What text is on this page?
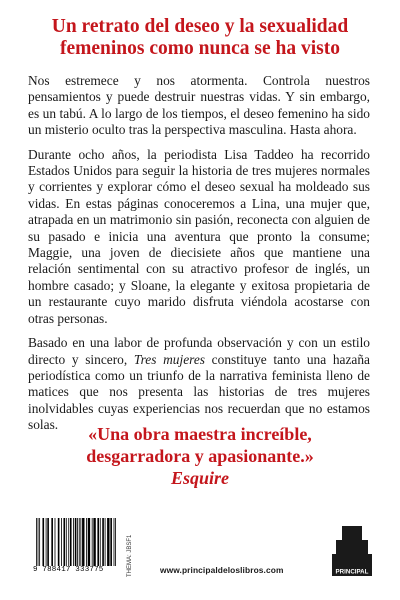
Un retrato del deseo y la sexualidad
femeninos como nunca se ha visto

Nos estremece y nos atormenta. Controla nuestros pensamientos y puede destruir nuestras vidas. Y sin embargo, es un tabú. A lo largo de los tiempos, el deseo femenino ha sido un misterio oculto tras la perspectiva masculina. Hasta ahora.

Durante ocho años, la periodista Lisa Taddeo ha recorrido Estados Unidos para seguir la historia de tres mujeres normales y corrientes y explorar cómo el deseo sexual ha moldeado sus vidas. En estas páginas conoceremos a Lina, una mujer que, atrapada en un matrimonio sin pasión, reconecta con alguien de su pasado e inicia una aventura que pronto la consume; Maggie, una joven de diecisiete años que mantiene una relación sentimental con su atractivo profesor de inglés, un hombre casado; y Sloane, la elegante y exitosa propietaria de un restaurante cuyo marido disfruta viéndola acostarse con otras personas.

Basado en una labor de profunda observación y con un estilo directo y sincero, Tres mujeres constituye tanto una hazaña periodística como un triunfo de la narrativa feminista lleno de matices que nos presenta las historias de tres mujeres inolvidables cuyas experiencias nos recuerdan que no estamos solas.	«Una obra maestra increíble,
desgarradora y apasionante.»
Esquire
9 788417 333775	THEMA: JBSF1	www.principaldeloslibros.com	PRINCIPAL
